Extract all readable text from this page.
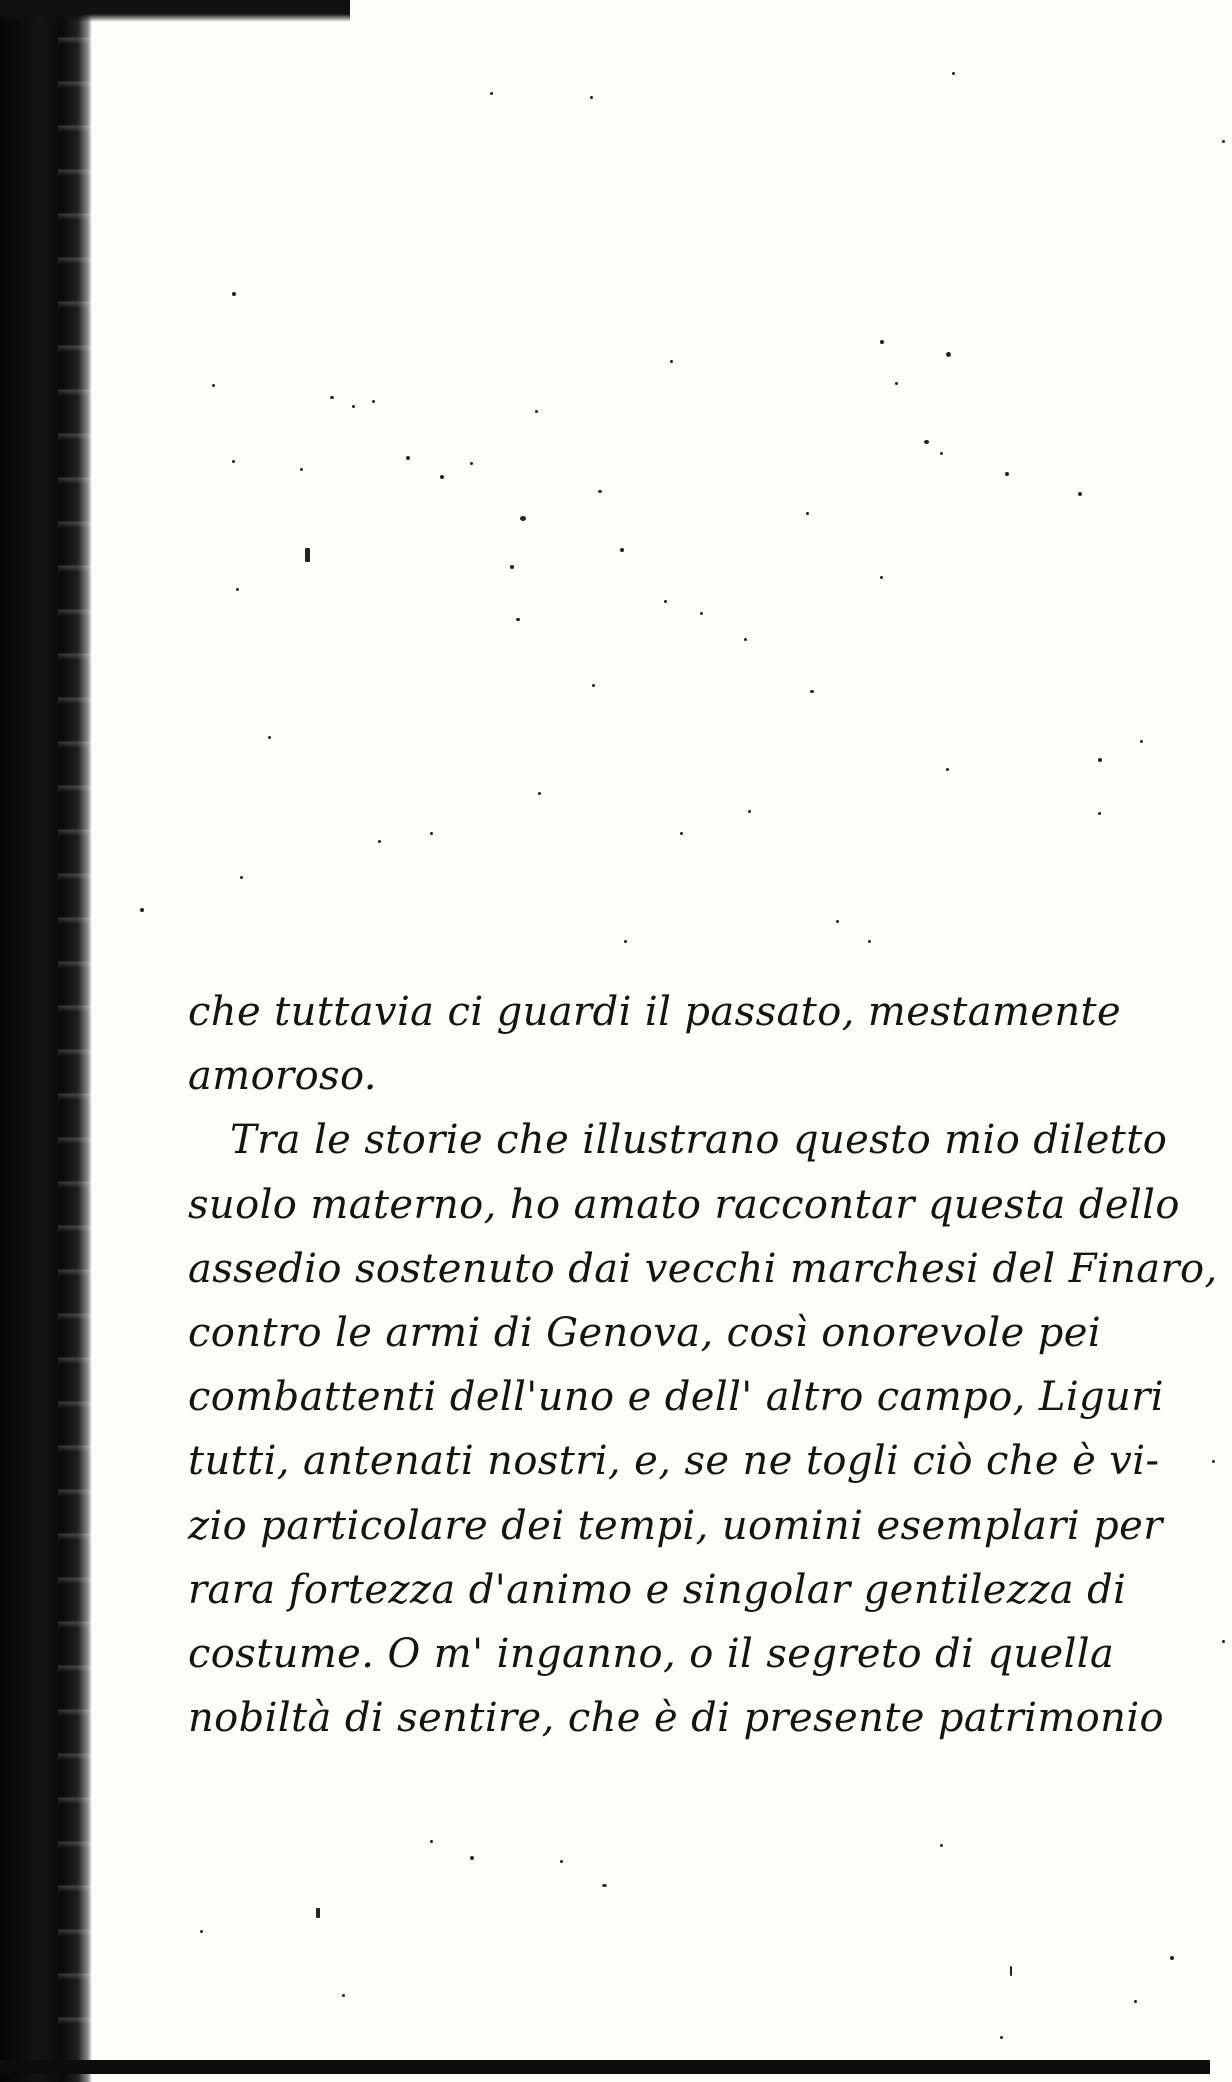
che tuttavia ci guardi il passato, mestamente
amoroso.
Tra le storie che illustrano questo mio diletto
suolo materno, ho amato raccontar questa dello
assedio sostenuto dai vecchi marchesi del Finaro,
contro le armi di Genova, così onorevole pei
combattenti dell'uno e dell' altro campo, Liguri
tutti, antenati nostri, e, se ne togli ciò che è vi-
zio particolare dei tempi, uomini esemplari per
rara fortezza d'animo e singolar gentilezza di
costume. O m' inganno, o il segreto di quella
nobiltà di sentire, che è di presente patrimonio
